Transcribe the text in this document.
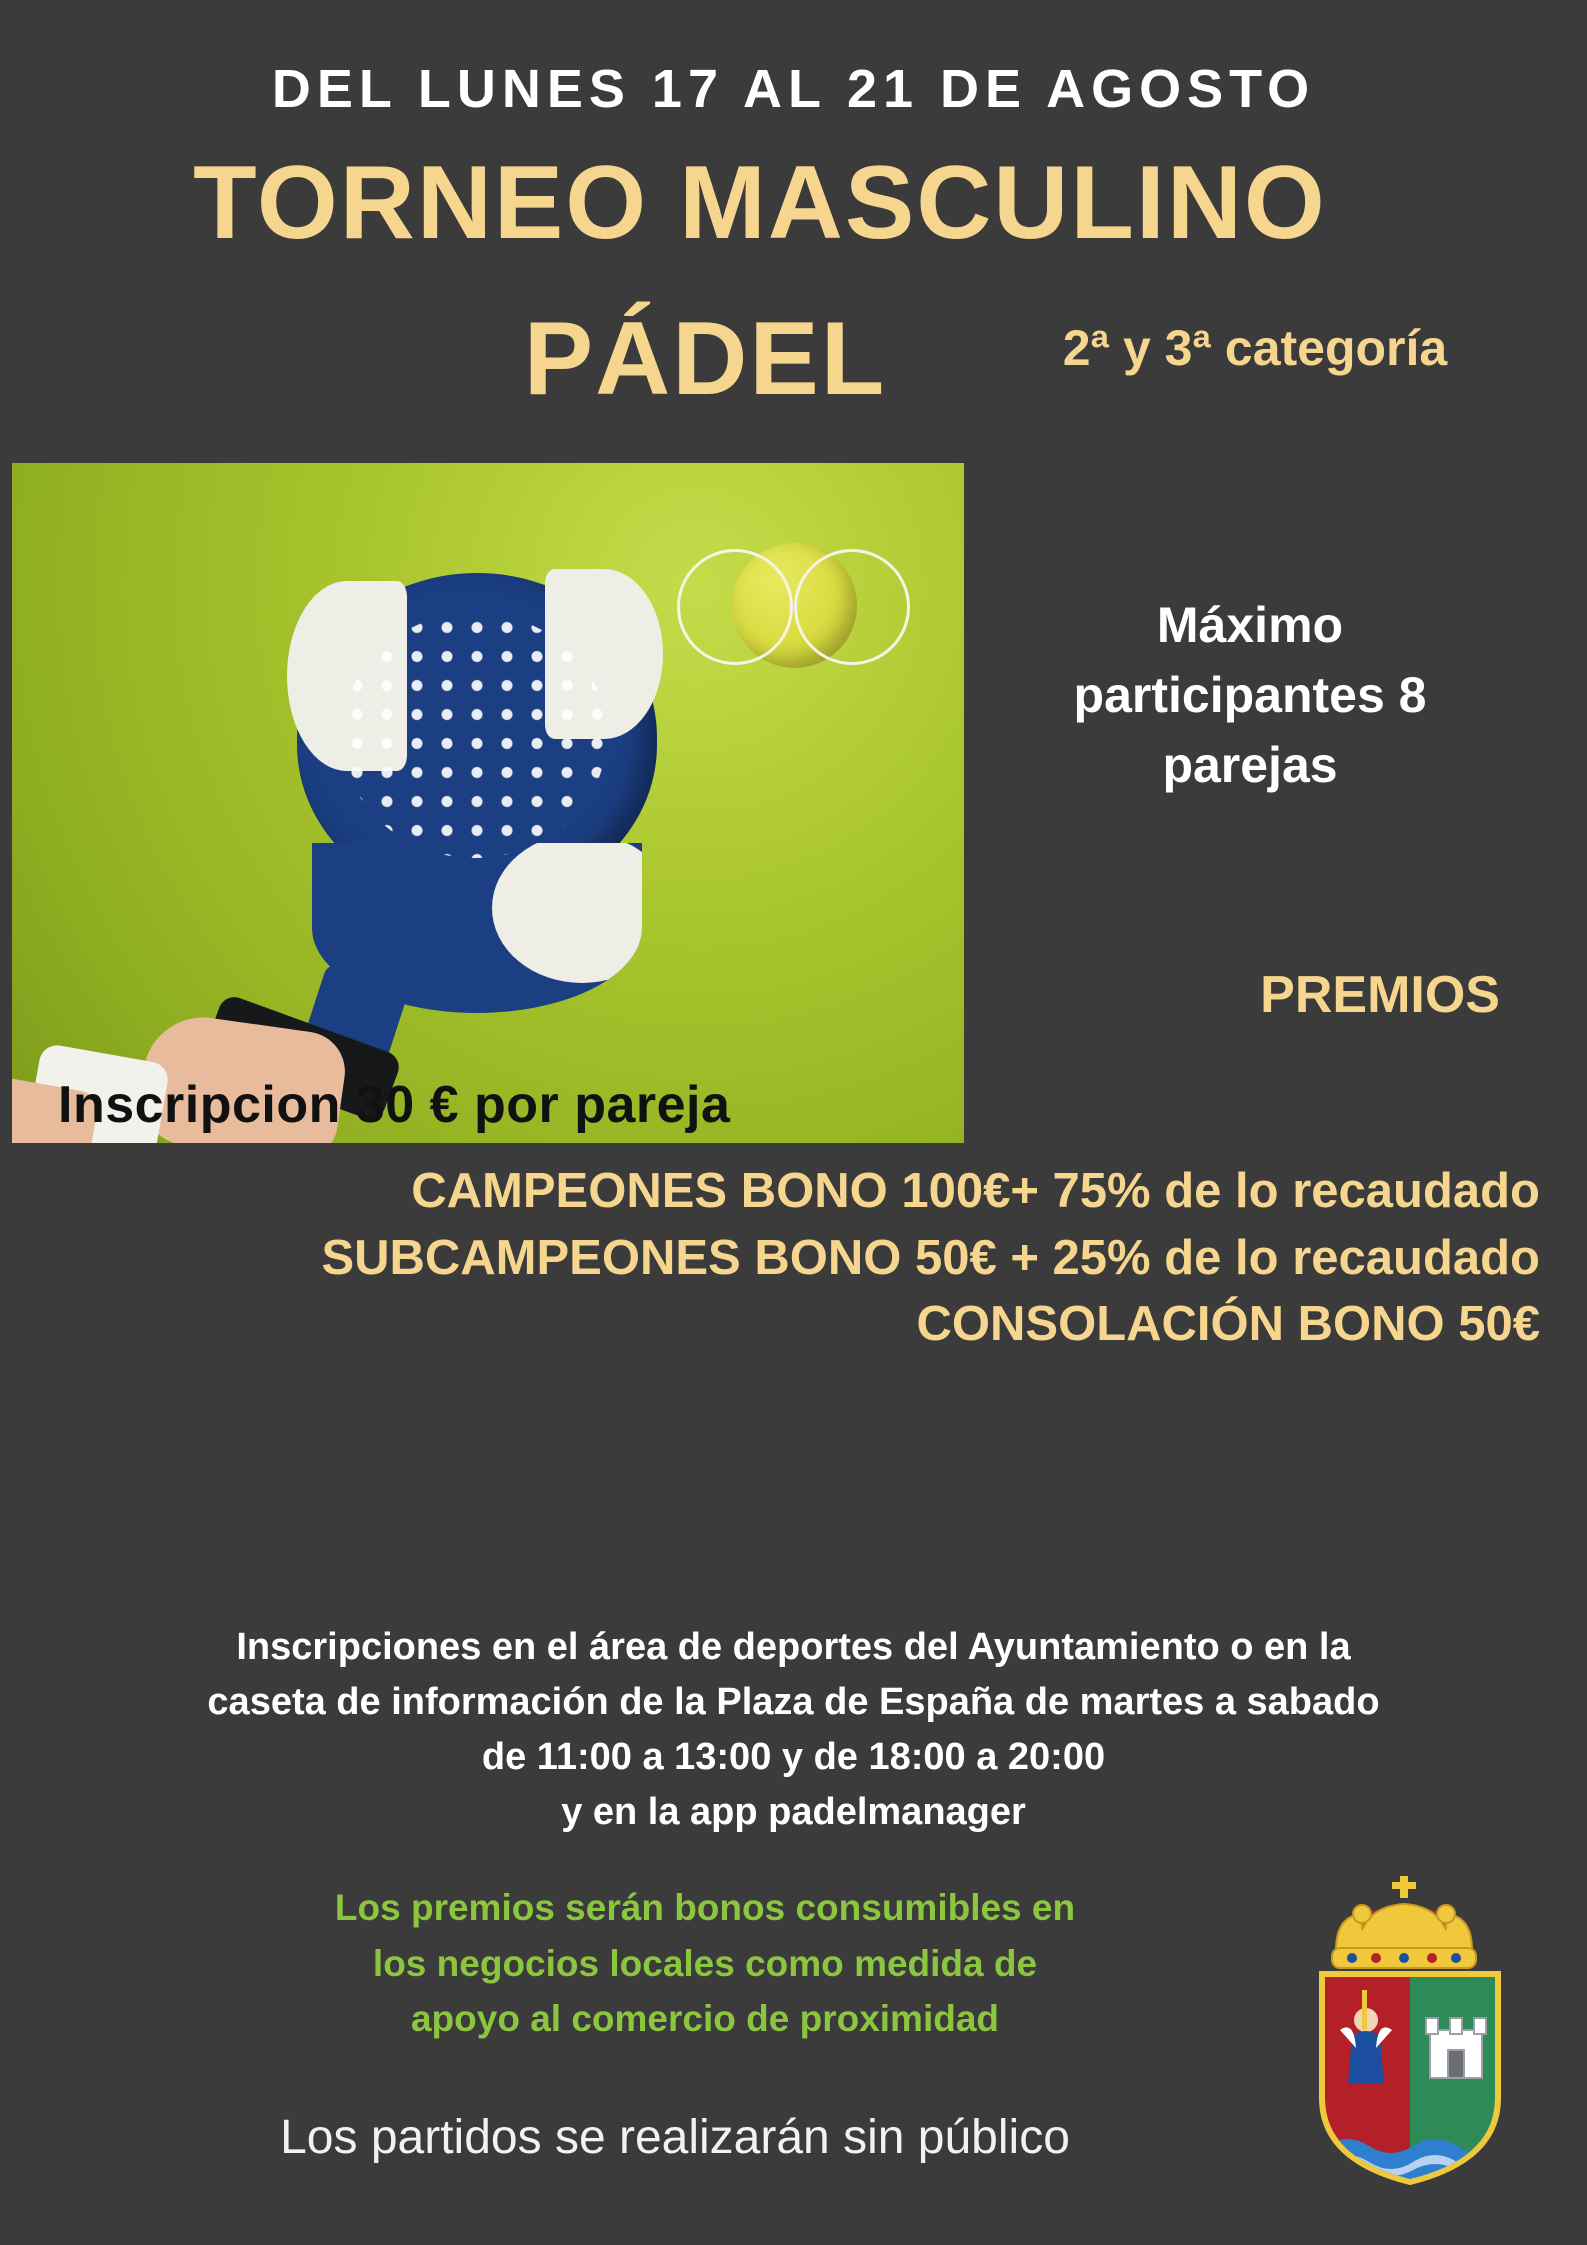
DEL LUNES 17 AL 21 DE AGOSTO
TORNEO MASCULINO
PÁDEL	2ª y 3ª categoría
Inscripcion 30 € por pareja
Máximo participantes 8 parejas
PREMIOS
CAMPEONES BONO 100€+ 75% de lo recaudado
SUBCAMPEONES BONO 50€ + 25% de lo recaudado
CONSOLACIÓN BONO 50€
Inscripciones en el área de deportes del Ayuntamiento o en la
caseta de información de la Plaza de España de martes a sabado
de 11:00 a 13:00 y de 18:00 a 20:00
y en la app padelmanager
Los premios serán bonos consumibles en
los negocios locales como medida de
apoyo al comercio de proximidad
Los partidos se realizarán sin público
